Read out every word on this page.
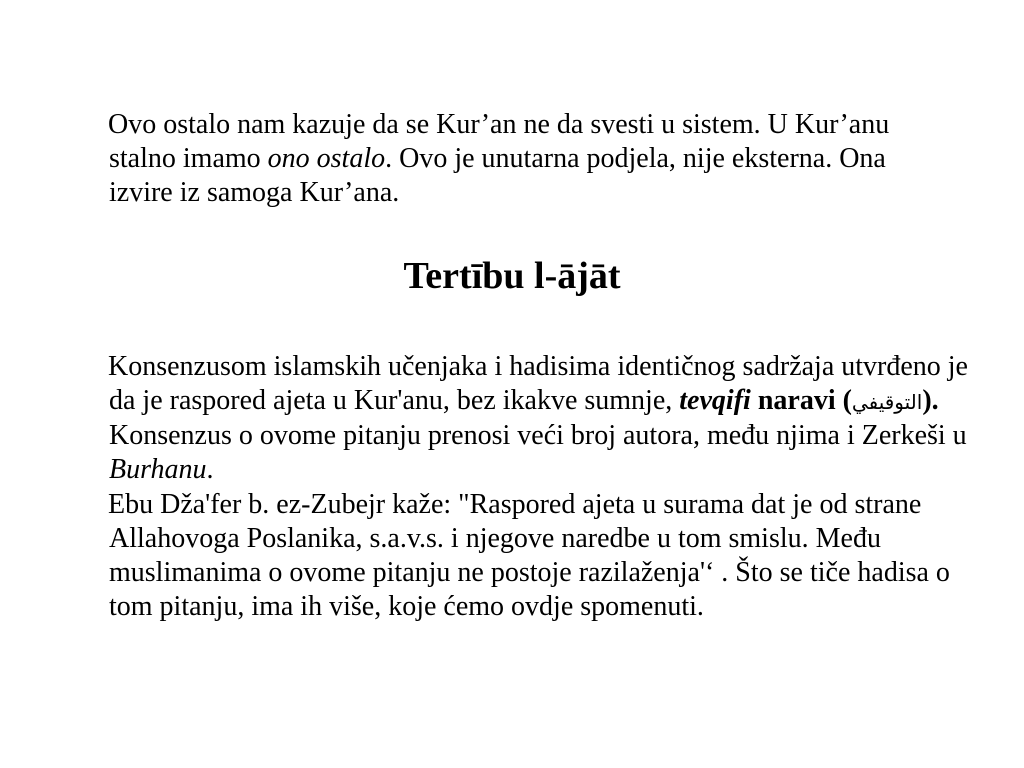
Ovo ostalo nam kazuje da se Kur’an ne da svesti u sistem. U Kur’anu stalno imamo ono ostalo. Ovo je unutarna podjela, nije eksterna. Ona izvire iz samoga Kur’ana.

Tertību l-ājāt

Konsenzusom islamskih učenjaka i hadisima identičnog sadržaja utvrđeno je da je raspored ajeta u Kur'anu, bez ikakve sumnje, tevqifi naravi (التوقيفي). Konsenzus o ovome pitanju prenosi veći broj autora, među njima i Zerkeši u Burhanu.

Ebu Dža'fer b. ez-Zubejr kaže: "Raspored ajeta u surama dat je od strane Allahovoga Poslanika, s.a.v.s. i njegove naredbe u tom smislu. Među muslimanima o ovome pitanju ne postoje razilaženja'‘ . Što se tiče hadisa o tom pitanju, ima ih više, koje ćemo ovdje spomenuti.
